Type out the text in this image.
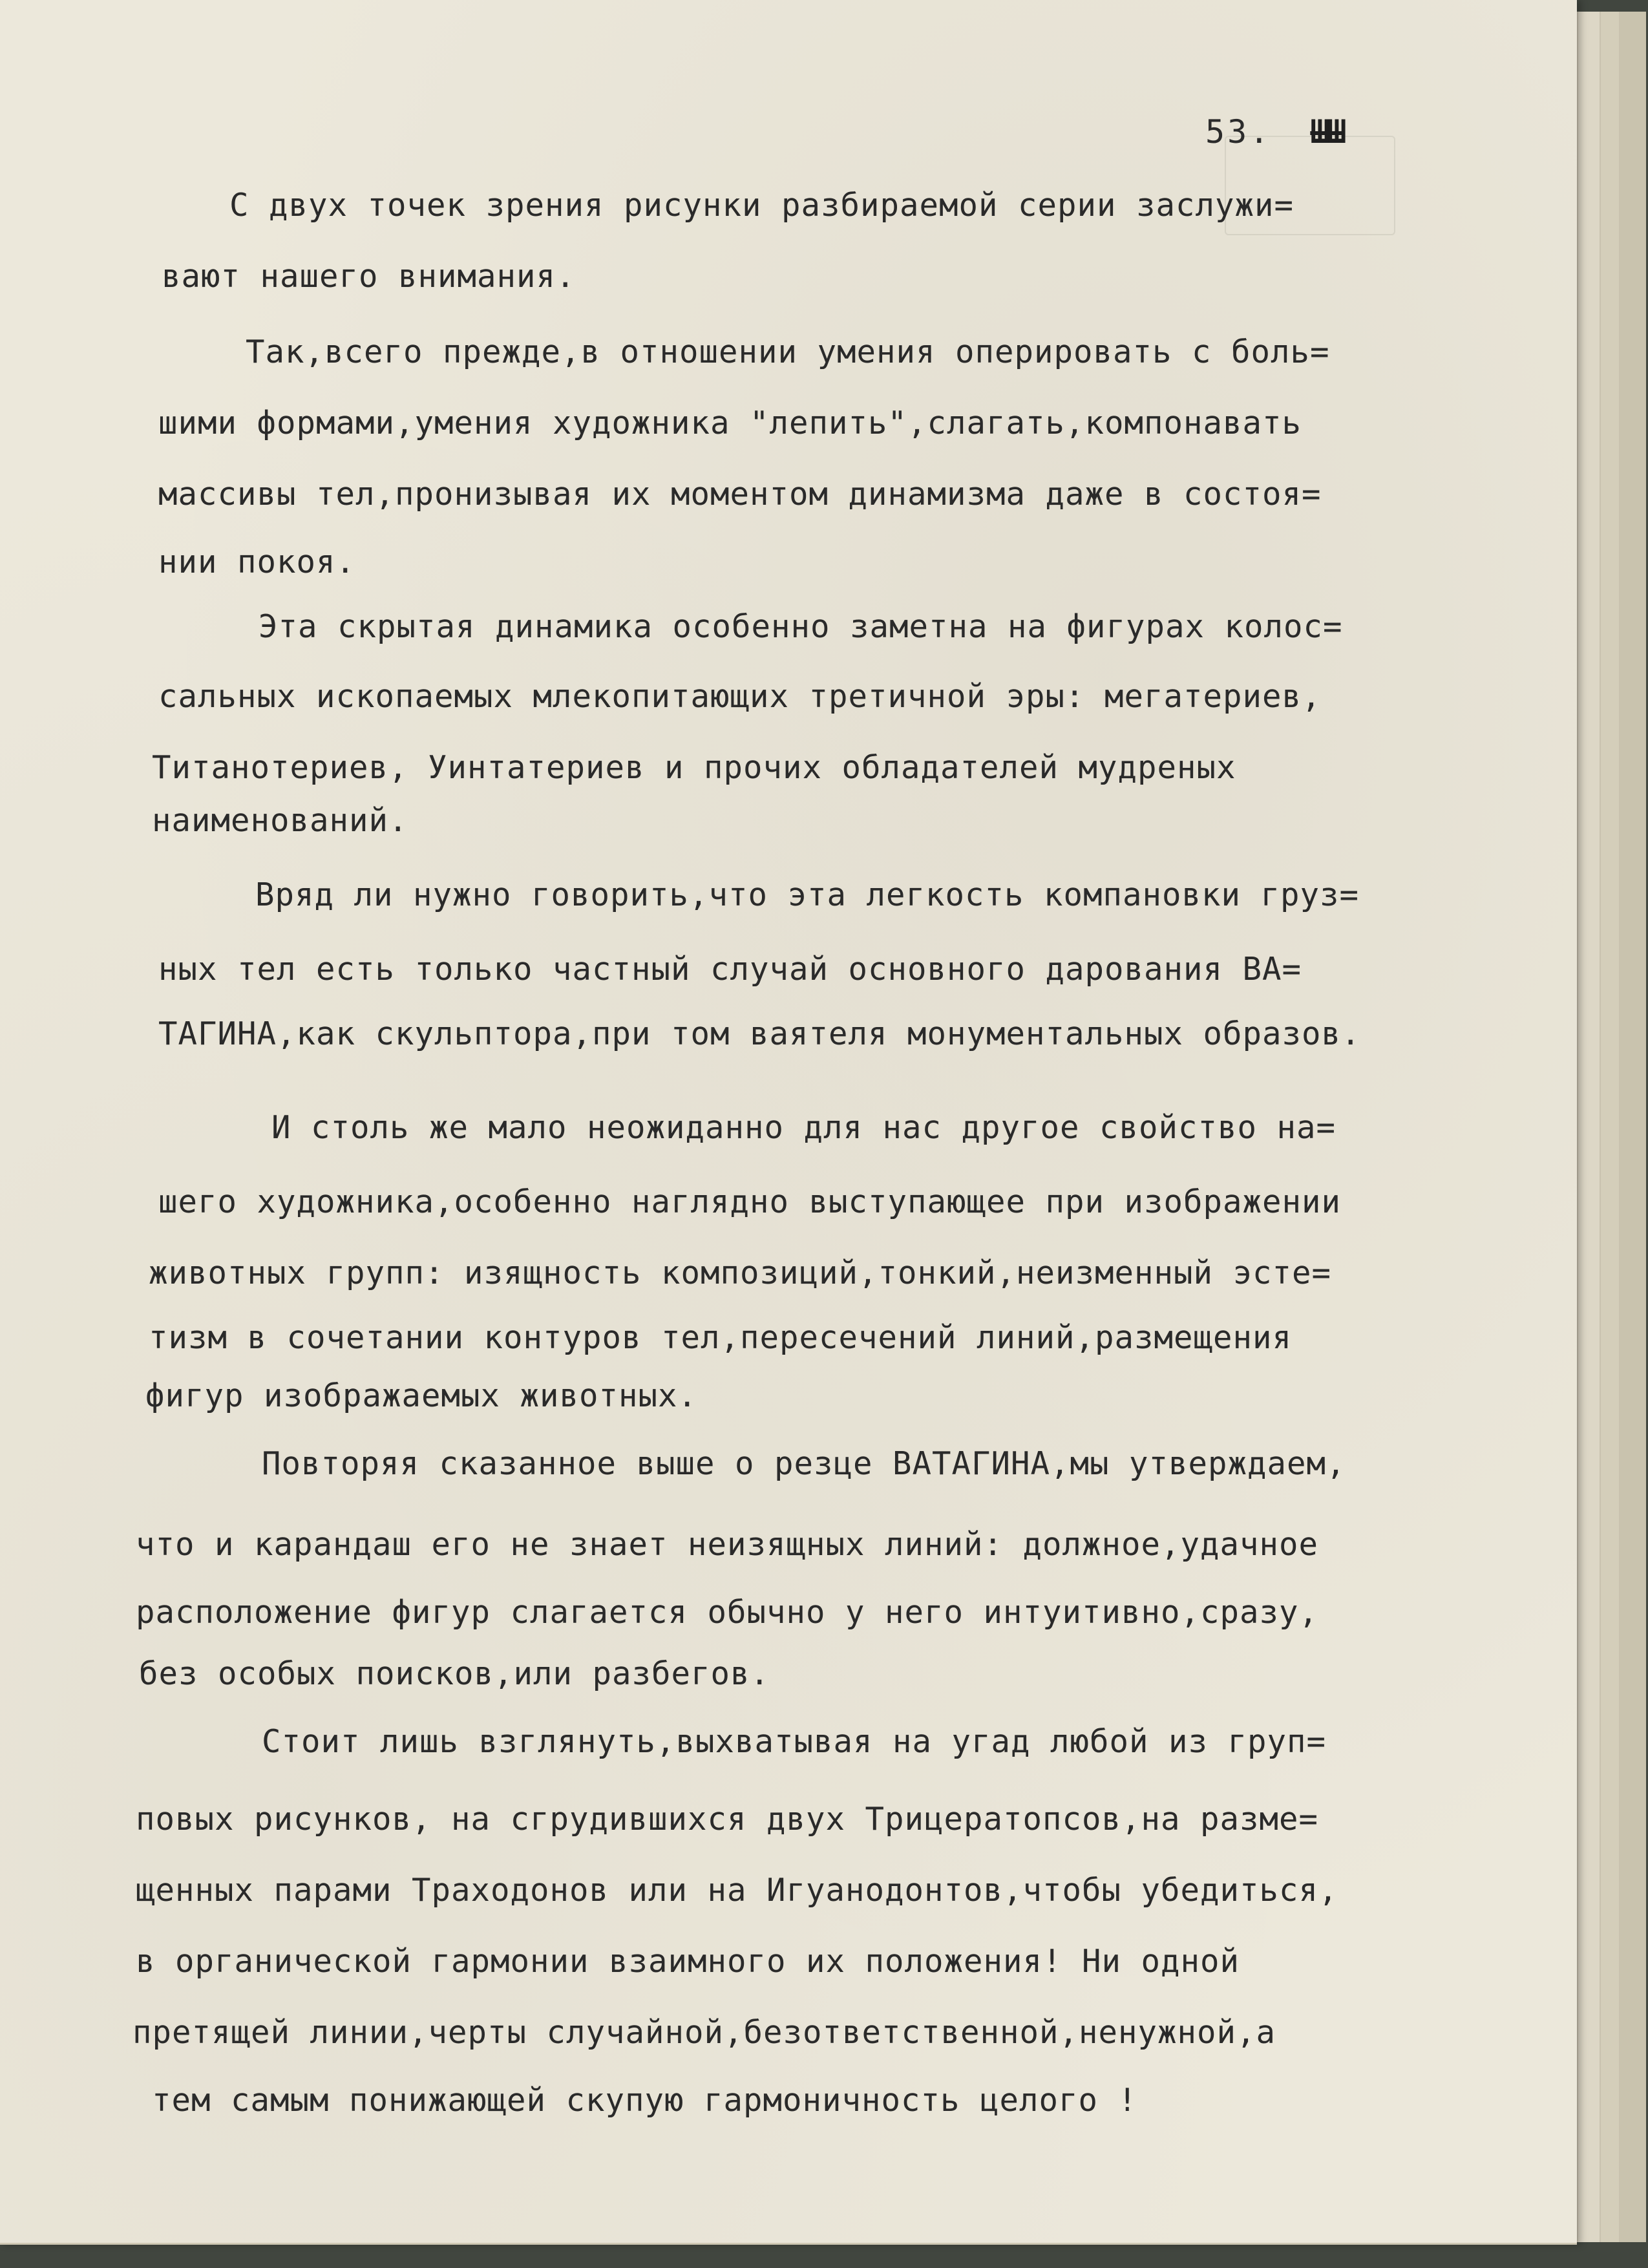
53. ШШ
С двух точек зрения рисунки разбираемой серии заслужи=
вают нашего внимания.
Так,всего прежде,в отношении умения оперировать с боль=
шими формами,умения художника "лепить",слагать,компонавать
массивы тел,пронизывая их моментом динамизма даже в состоя=
нии покоя.
Эта скрытая динамика особенно заметна на фигурах колос=
сальных ископаемых млекопитающих третичной эры: мегатериев,
Титанотериев, Уинтатериев и прочих обладателей мудреных
наименований.
Вряд ли нужно говорить,что эта легкость компановки груз=
ных тел есть только частный случай основного дарования ВА=
ТАГИНА,как скульптора,при том ваятеля монументальных образов.
И столь же мало неожиданно для нас другое свойство на=
шего художника,особенно наглядно выступающее при изображении
животных групп: изящность композиций,тонкий,неизменный эсте=
тизм в сочетании контуров тел,пересечений линий,размещения
фигур изображаемых животных.
Повторяя сказанное выше о резце ВАТАГИНА,мы утверждаем,
что и карандаш его не знает неизящных линий: должное,удачное
расположение фигур слагается обычно у него интуитивно,сразу,
без особых поисков,или разбегов.
Стоит лишь взглянуть,выхватывая на угад любой из груп=
повых рисунков, на сгрудившихся двух Трицератопсов,на разме=
щенных парами Траходонов или на Игуанодонтов,чтобы убедиться,
в органической гармонии взаимного их положения! Ни одной
претящей линии,черты случайной,безответственной,ненужной,а
тем самым понижающей скупую гармоничность целого !
